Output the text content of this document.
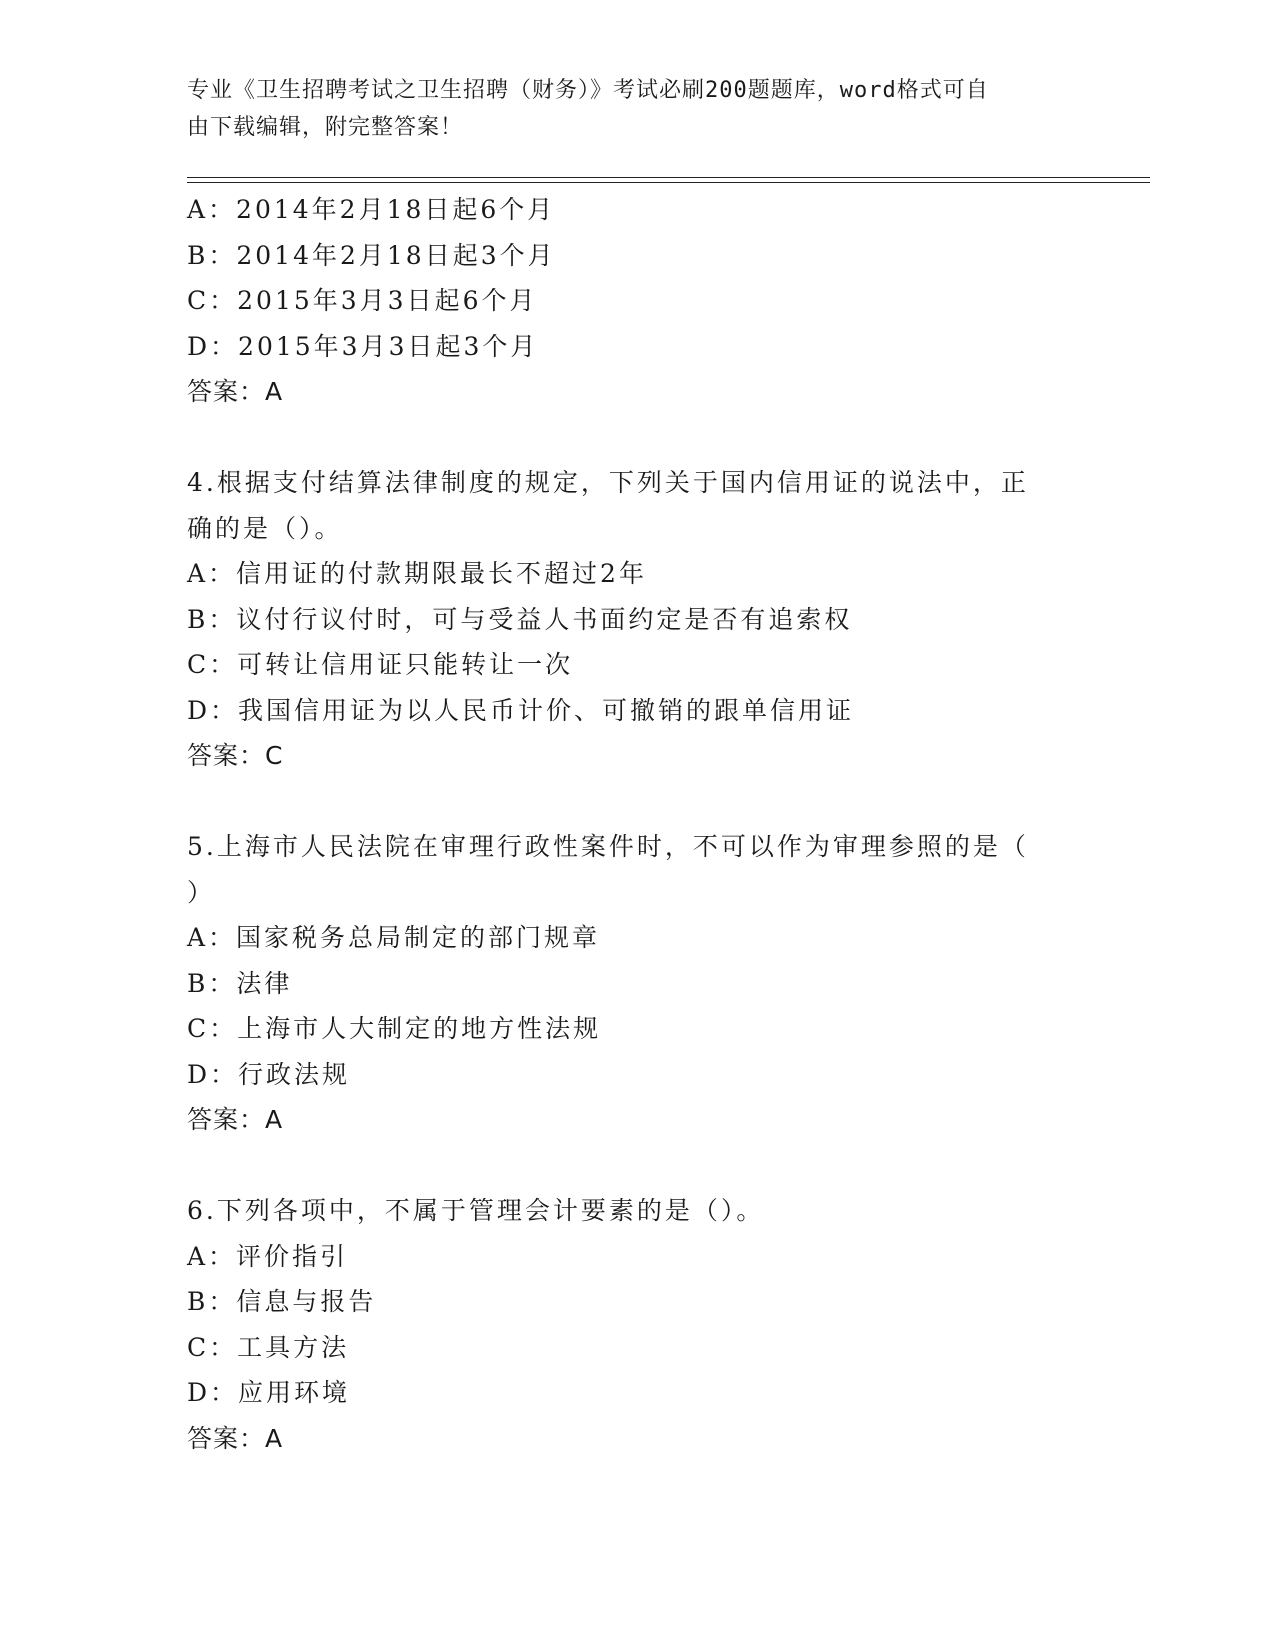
专业《卫生招聘考试之卫生招聘（财务）》考试必刷200题题库，word格式可自
由下载编辑，附完整答案！
A：2014年2月18日起6个月
B：2014年2月18日起3个月
C：2015年3月3日起6个月
D：2015年3月3日起3个月
答案：A
4.根据支付结算法律制度的规定，下列关于国内信用证的说法中，正
确的是（）。
A：信用证的付款期限最长不超过2年
B：议付行议付时，可与受益人书面约定是否有追索权
C：可转让信用证只能转让一次
D：我国信用证为以人民币计价、可撤销的跟单信用证
答案：C
5.上海市人民法院在审理行政性案件时，不可以作为审理参照的是（
）
A：国家税务总局制定的部门规章
B：法律
C：上海市人大制定的地方性法规
D：行政法规
答案：A
6.下列各项中，不属于管理会计要素的是（）。
A：评价指引
B：信息与报告
C：工具方法
D：应用环境
答案：A
